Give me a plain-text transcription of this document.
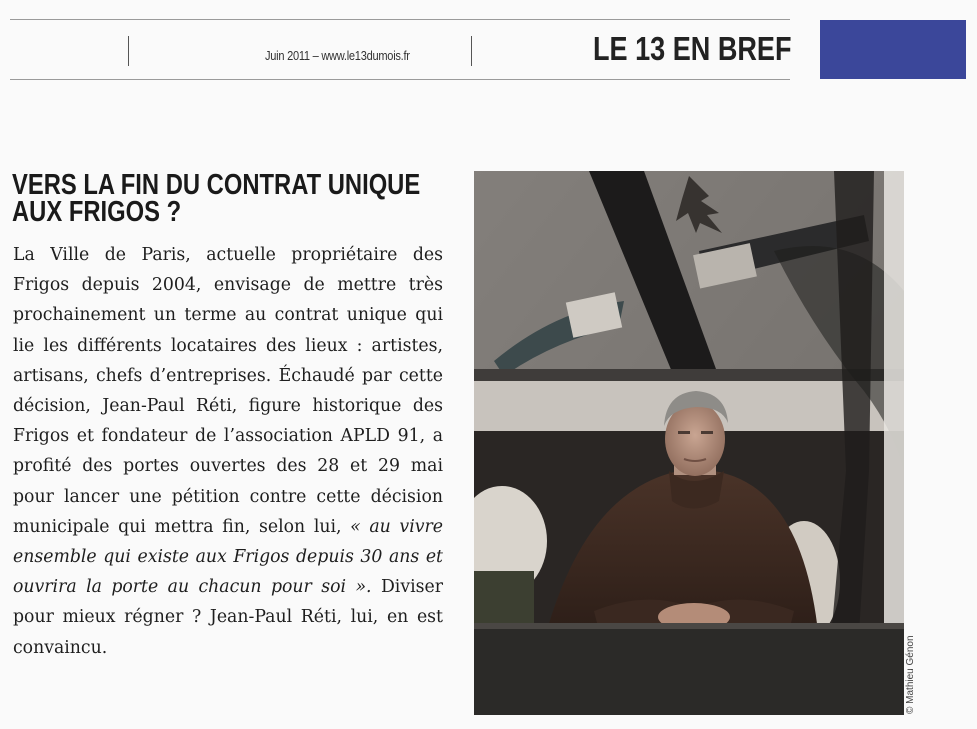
Juin 2011 – www.le13dumois.fr	LE 13 EN BREF
VERS LA FIN DU CONTRAT UNIQUE
AUX FRIGOS ?

La Ville de Paris, actuelle propriétaire des Frigos depuis 2004, envisage de mettre très prochainement un terme au contrat unique qui lie les différents locataires des lieux : artistes, artisans, chefs d’entreprises. Échaudé par cette décision, Jean-Paul Réti, figure historique des Frigos et fondateur de l’association APLD 91, a profité des portes ouvertes des 28 et 29 mai pour lancer une pétition contre cette décision municipale qui mettra fin, selon lui, « au vivre ensemble qui existe aux Frigos depuis 30 ans et ouvrira la porte au chacun pour soi ». Diviser pour mieux régner ? Jean-Paul Réti, lui, en est convaincu.	© Mathieu Génon
